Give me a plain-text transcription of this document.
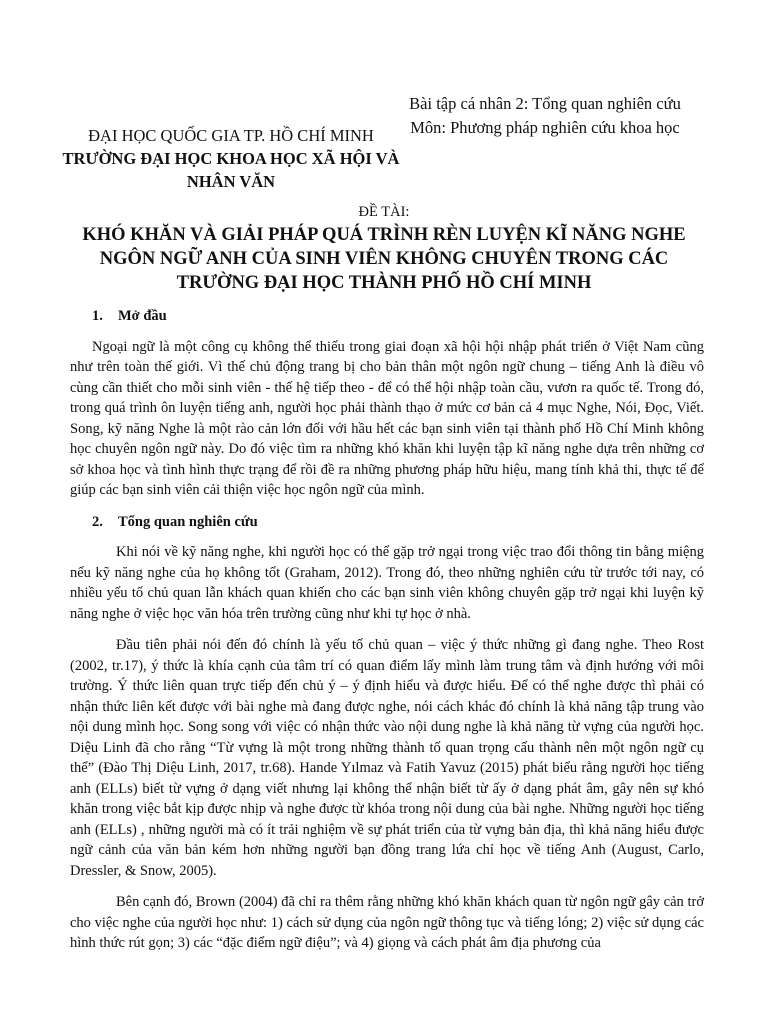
Bài tập cá nhân 2: Tổng quan nghiên cứu
Môn: Phương pháp nghiên cứu khoa học
ĐẠI HỌC QUỐC GIA TP. HỒ CHÍ MINH
TRƯỜNG ĐẠI HỌC KHOA HỌC XÃ HỘI VÀ NHÂN VĂN
ĐỀ TÀI:
KHÓ KHĂN VÀ GIẢI PHÁP QUÁ TRÌNH RÈN LUYỆN KĨ NĂNG NGHE NGÔN NGỮ ANH CỦA SINH VIÊN KHÔNG CHUYÊN TRONG CÁC TRƯỜNG ĐẠI HỌC THÀNH PHỐ HỒ CHÍ MINH
1. Mở đầu

Ngoại ngữ là một công cụ không thể thiếu trong giai đoạn xã hội hội nhập phát triển ở Việt Nam cũng như trên toàn thế giới. Vì thế chủ động trang bị cho bản thân một ngôn ngữ chung – tiếng Anh là điều vô cùng cần thiết cho mỗi sinh viên - thế hệ tiếp theo - để có thể hội nhập toàn cầu, vươn ra quốc tế. Trong đó, trong quá trình ôn luyện tiếng anh, người học phải thành thạo ở mức cơ bản cả 4 mục Nghe, Nói, Đọc, Viết. Song, kỹ năng Nghe là một rào cản lớn đối với hầu hết các bạn sinh viên tại thành phố Hồ Chí Minh không học chuyên ngôn ngữ này. Do đó việc tìm ra những khó khăn khi luyện tập kĩ năng nghe dựa trên những cơ sở khoa học và tình hình thực trạng để rồi đề ra những phương pháp hữu hiệu, mang tính khả thi, thực tế để giúp các bạn sinh viên cải thiện việc học ngôn ngữ của mình.

2. Tổng quan nghiên cứu

Khi nói về kỹ năng nghe, khi người học có thể gặp trở ngại trong việc trao đổi thông tin bằng miệng nếu kỹ năng nghe của họ không tốt (Graham, 2012). Trong đó, theo những nghiên cứu từ trước tới nay, có nhiều yếu tố chủ quan lẫn khách quan khiến cho các bạn sinh viên không chuyên gặp trở ngại khi luyện kỹ năng nghe ở việc học văn hóa trên trường cũng như khi tự học ở nhà.

Đầu tiên phải nói đến đó chính là yếu tố chủ quan – việc ý thức những gì đang nghe. Theo Rost (2002, tr.17), ý thức là khía cạnh của tâm trí có quan điểm lấy mình làm trung tâm và định hướng với môi trường. Ý thức liên quan trực tiếp đến chủ ý – ý định hiểu và được hiểu. Để có thể nghe được thì phải có nhận thức liên kết được với bài nghe mà đang được nghe, nói cách khác đó chính là khả năng tập trung vào nội dung mình học. Song song với việc có nhận thức vào nội dung nghe là khả năng từ vựng của người học. Diệu Linh đã cho rằng “Từ vựng là một trong những thành tố quan trọng cấu thành nên một ngôn ngữ cụ thể” (Đào Thị Diệu Linh, 2017, tr.68). Hande Yılmaz và Fatih Yavuz (2015) phát biểu rằng người học tiếng anh (ELLs) biết từ vựng ở dạng viết nhưng lại không thể nhận biết từ ấy ở dạng phát âm, gây nên sự khó khăn trong việc bắt kịp được nhịp và nghe được từ khóa trong nội dung của bài nghe. Những người học tiếng anh (ELLs) , những người mà có ít trải nghiệm về sự phát triển của từ vựng bản địa, thì khả năng hiểu được ngữ cảnh của văn bản kém hơn những người bạn đồng trang lứa chỉ học về tiếng Anh (August, Carlo, Dressler, & Snow, 2005).

Bên cạnh đó, Brown (2004) đã chỉ ra thêm rằng những khó khăn khách quan từ ngôn ngữ gây cản trở cho việc nghe của người học như: 1) cách sử dụng của ngôn ngữ thông tục và tiếng lóng; 2) việc sử dụng các hình thức rút gọn; 3) các “đặc điểm ngữ điệu”; và 4) giọng và cách phát âm địa phương của
